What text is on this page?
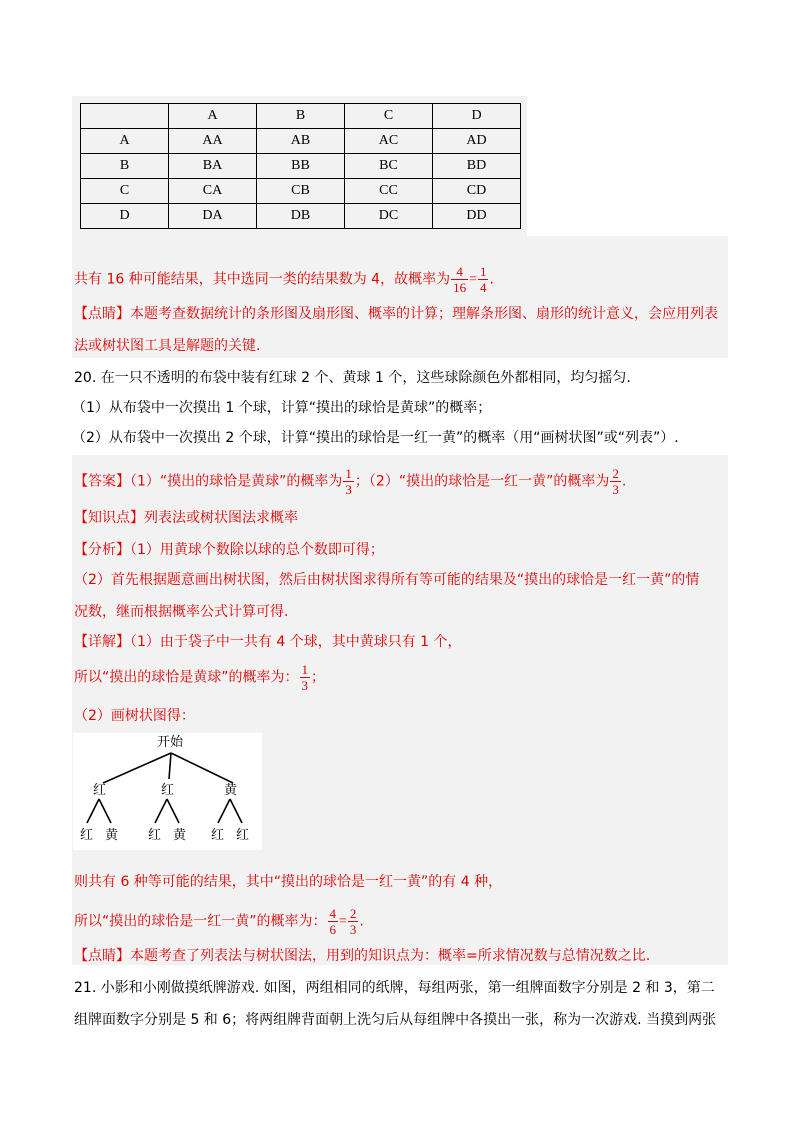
	A	B	C	D
A	AA	AB	AC	AD
B	BA	BB	BC	BD
C	CA	CB	CC	CD
D	DA	DB	DC	DD
共有 16 种可能结果，其中选同一类的结果数为 4，故概率为 $\frac{4}{16} = \frac{1}{4}$ .
【点睛】本题考查数据统计的条形图及扇形图、概率的计算；理解条形图、扇形的统计意义，会应用列表
法或树状图工具是解题的关键.
20. 在一只不透明的布袋中装有红球 2 个、黄球 1 个，这些球除颜色外都相同，均匀摇匀.
（1）从布袋中一次摸出 1 个球，计算“摸出的球恰是黄球”的概率；
（2）从布袋中一次摸出 2 个球，计算“摸出的球恰是一红一黄”的概率（用“画树状图”或“列表”）.
【答案】（1）“摸出的球恰是黄球”的概率为 $\frac{1}{3}$ ；（2）“摸出的球恰是一红一黄”的概率为 $\frac{2}{3}$ .
【知识点】列表法或树状图法求概率
【分析】（1）用黄球个数除以球的总个数即可得；
（2）首先根据题意画出树状图，然后由树状图求得所有等可能的结果及“摸出的球恰是一红一黄”的情
况数，继而根据概率公式计算可得.
【详解】（1）由于袋子中一共有 4 个球，其中黄球只有 1 个，
所以“摸出的球恰是黄球”的概率为： $\frac{1}{3}$ ；
（2）画树状图得：
开始
红	红	黄
红 黄 红 黄 红 红
则共有 6 种等可能的结果，其中“摸出的球恰是一红一黄”的有 4 种，
所以“摸出的球恰是一红一黄”的概率为： $\frac{4}{6} = \frac{2}{3}$ .
【点睛】本题考查了列表法与树状图法，用到的知识点为：概率=所求情况数与总情况数之比.
21. 小影和小刚做摸纸牌游戏. 如图，两组相同的纸牌，每组两张，第一组牌面数字分别是 2 和 3，第二
组牌面数字分别是 5 和 6；将两组牌背面朝上洗匀后从每组牌中各摸出一张，称为一次游戏. 当摸到两张
